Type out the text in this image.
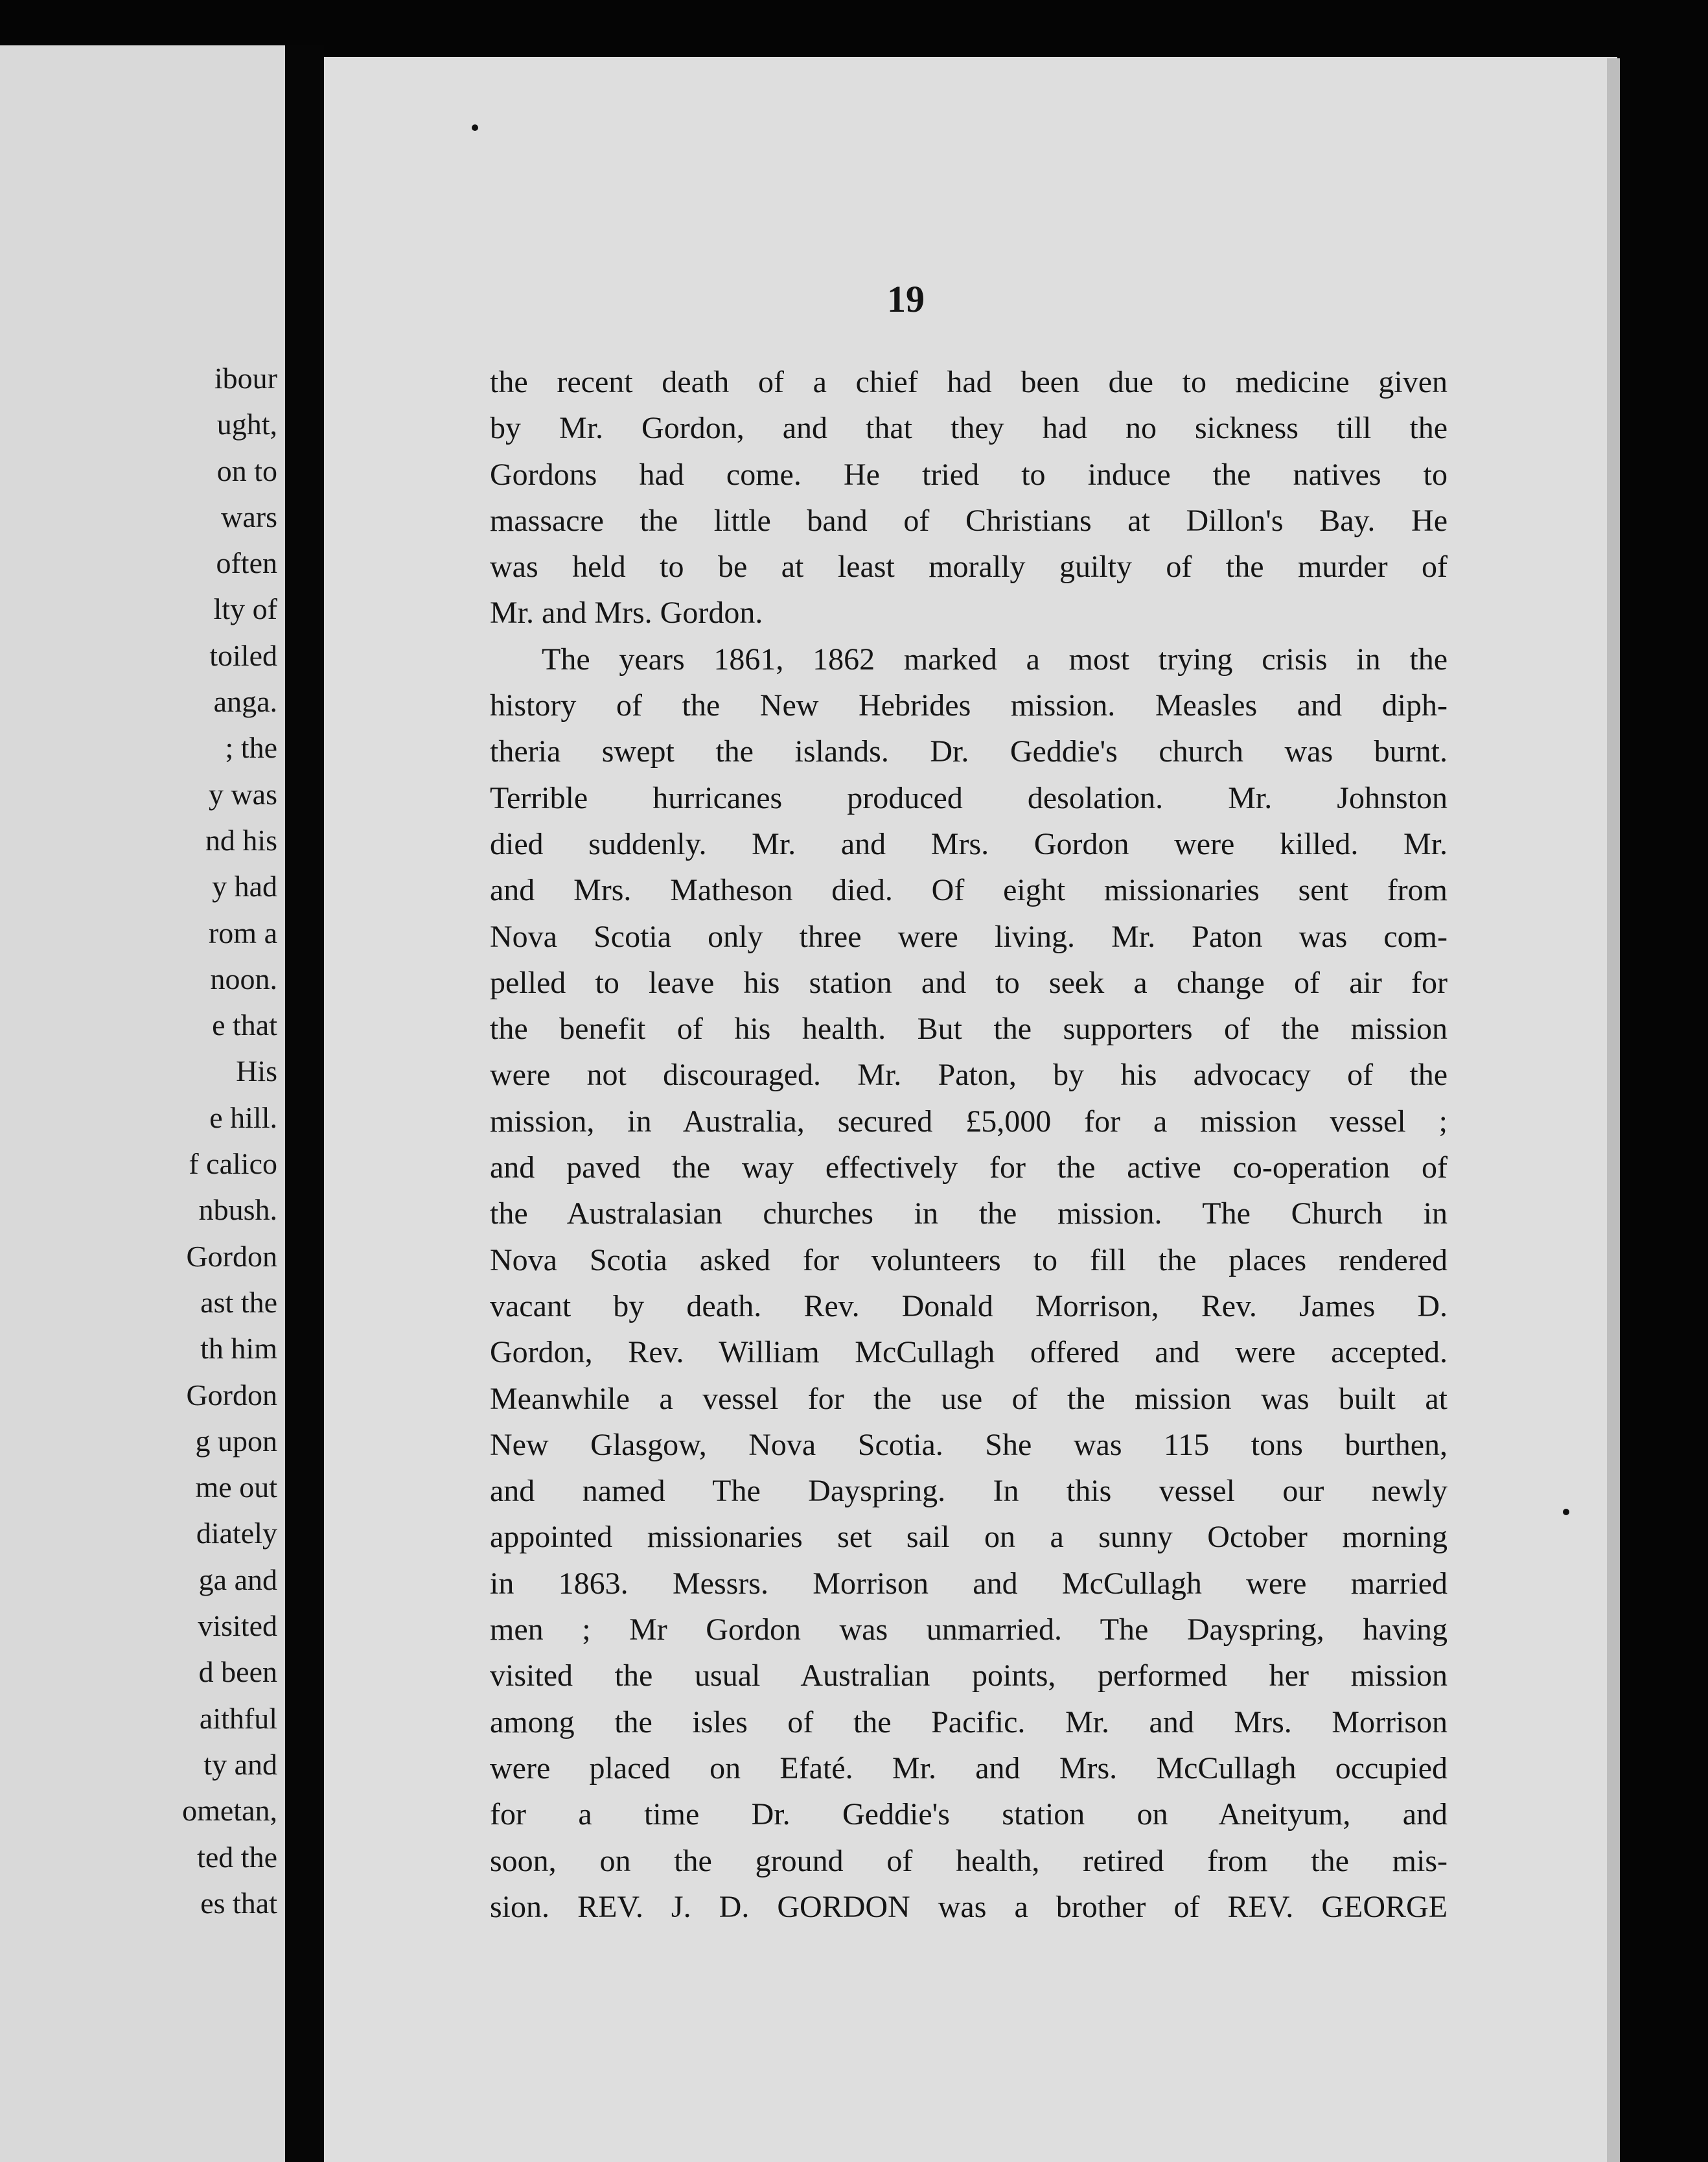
ibour
ught,
on to
wars
often
lty of
toiled
anga.
; the
y was
nd his
y had
rom a
noon.
e that
His
e hill.
f calico
nbush.
Gordon
ast the
th him
Gordon
g upon
me out
diately
ga and
visited
d been
aithful
ty and
ometan,
ted the
es that
19
the recent death of a chief had been due to medicine given
by Mr. Gordon, and that they had no sickness till the
Gordons had come. He tried to induce the natives to
massacre the little band of Christians at Dillon's Bay. He
was held to be at least morally guilty of the murder of
Mr. and Mrs. Gordon.
The years 1861, 1862 marked a most trying crisis in the
history of the New Hebrides mission. Measles and diph-
theria swept the islands. Dr. Geddie's church was burnt.
Terrible hurricanes produced desolation. Mr. Johnston
died suddenly. Mr. and Mrs. Gordon were killed. Mr.
and Mrs. Matheson died. Of eight missionaries sent from
Nova Scotia only three were living. Mr. Paton was com-
pelled to leave his station and to seek a change of air for
the benefit of his health. But the supporters of the mission
were not discouraged. Mr. Paton, by his advocacy of the
mission, in Australia, secured £5,000 for a mission vessel ;
and paved the way effectively for the active co-operation of
the Australasian churches in the mission. The Church in
Nova Scotia asked for volunteers to fill the places rendered
vacant by death. Rev. Donald Morrison, Rev. James D.
Gordon, Rev. William McCullagh offered and were accepted.
Meanwhile a vessel for the use of the mission was built at
New Glasgow, Nova Scotia. She was 115 tons burthen,
and named The Dayspring. In this vessel our newly
appointed missionaries set sail on a sunny October morning
in 1863. Messrs. Morrison and McCullagh were married
men ; Mr Gordon was unmarried. The Dayspring, having
visited the usual Australian points, performed her mission
among the isles of the Pacific. Mr. and Mrs. Morrison
were placed on Efaté. Mr. and Mrs. McCullagh occupied
for a time Dr. Geddie's station on Aneityum, and
soon, on the ground of health, retired from the mis-
sion. REV. J. D. GORDON was a brother of REV. GEORGE
